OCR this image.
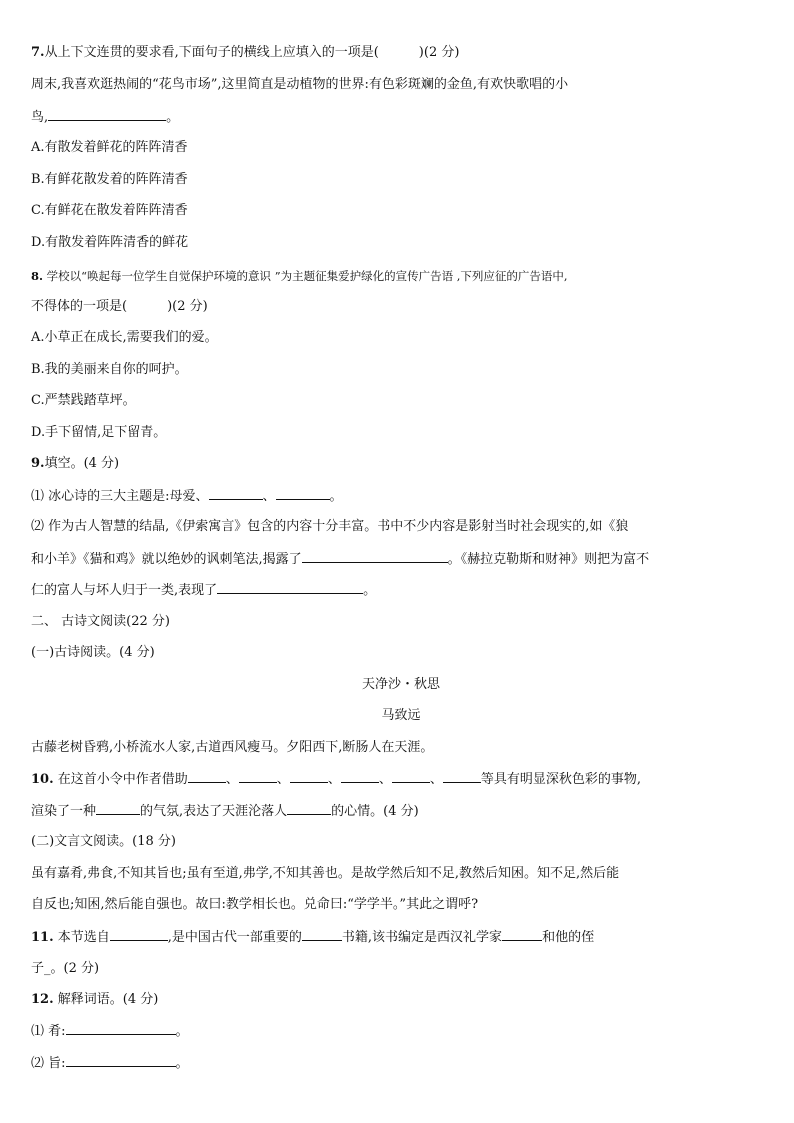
7.从上下文连贯的要求看,下面句子的横线上应填入的一项是(	)(2 分)
周末,我喜欢逛热闹的“花鸟市场”,这里简直是动植物的世界:有色彩斑斓的金鱼,有欢快歌唱的小
鸟,	。
A.有散发着鲜花的阵阵清香
B.有鲜花散发着的阵阵清香
C.有鲜花在散发着阵阵清香
D.有散发着阵阵清香的鲜花
8. 学校以“唤起每一位学生自觉保护环境的意识 ”为主题征集爱护绿化的宣传广告语 ,下列应征的广告语中,
不得体的一项是(	)(2 分)
A.小草正在成长,需要我们的爱。
B.我的美丽来自你的呵护。
C.严禁践踏草坪。
D.手下留情,足下留青。
9.填空。(4 分)
⑴ 冰心诗的三大主题是:母爱、	、	。
⑵ 作为古人智慧的结晶,《伊索寓言》包含的内容十分丰富。书中不少内容是影射当时社会现实的,如《狼
和小羊》《猫和鸡》就以绝妙的讽刺笔法,揭露了	。《赫拉克勒斯和财神》则把为富不
仁的富人与坏人归于一类,表现了	。
二、 古诗文阅读(22 分)
(一)古诗阅读。(4 分)
天净沙・秋思
马致远
古藤老树昏鸦,小桥流水人家,古道西风瘦马。夕阳西下,断肠人在天涯。
10. 在这首小令中作者借助	、	、	、	、	、	等具有明显深秋色彩的事物,
渲染了一种	的气氛,表达了天涯沦落人	的心情。(4 分)
(二)文言文阅读。(18 分)
虽有嘉肴,弗食,不知其旨也;虽有至道,弗学,不知其善也。是故学然后知不足,教然后知困。知不足,然后能
自反也;知困,然后能自强也。故曰:教学相长也。兑命曰:“学学半。”其此之谓呼?
11. 本节选自	,是中国古代一部重要的	书籍,该书编定是西汉礼学家	和他的侄
子_。(2 分)
12. 解释词语。(4 分)
⑴ 肴:	。
⑵ 旨:	。
